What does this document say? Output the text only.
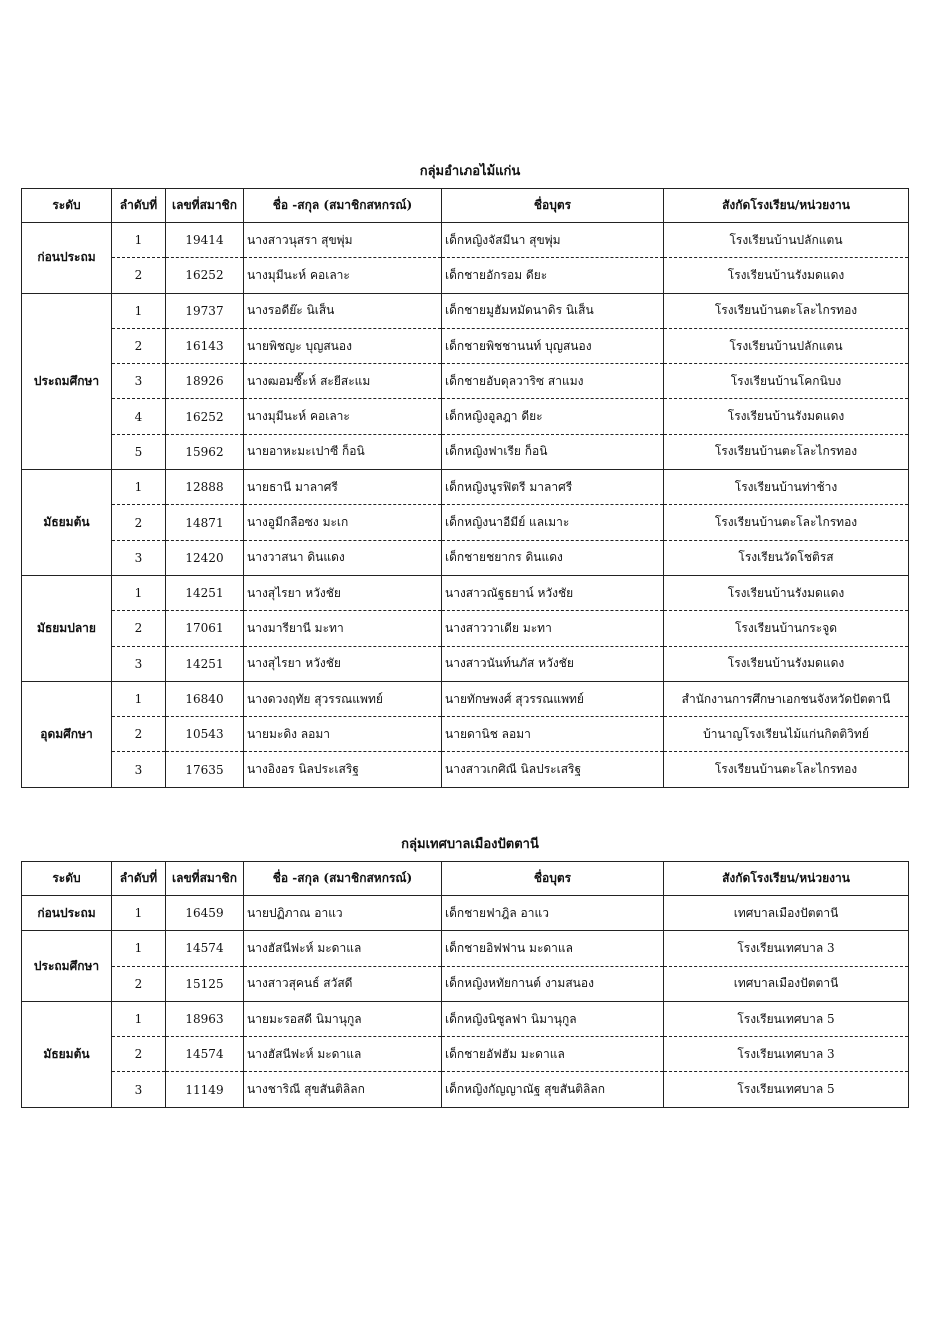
กลุ่มอำเภอไม้แก่น
ระดับ	ลำดับที่	เลขที่สมาชิก	ชื่อ -สกุล (สมาชิกสหกรณ์)	ชื่อบุตร	สังกัดโรงเรียน/หน่วยงาน
ก่อนประถม	1	19414	นางสาวนุสรา สุขพุ่ม	เด็กหญิงจัสมีนา สุขพุ่ม	โรงเรียนบ้านปลักแตน
	2	16252	นางมุมีนะห์ คอเลาะ	เด็กชายอักรอม ดียะ	โรงเรียนบ้านรังมดแดง
ประถมศึกษา	1	19737	นางรอดีย๊ะ นิเส็น	เด็กชายมูฮัมหมัดนาดิร นิเส็น	โรงเรียนบ้านตะโละไกรทอง
	2	16143	นายพิชญะ บุญสนอง	เด็กชายพิชชานนท์ บุญสนอง	โรงเรียนบ้านปลักแตน
	3	18926	นางฒอมซี๊ะห์ สะยีสะแม	เด็กชายอับดุลวาริซ สาแมง	โรงเรียนบ้านโคกนิบง
	4	16252	นางมุมีนะห์ คอเลาะ	เด็กหญิงอูลฎา ดียะ	โรงเรียนบ้านรังมดแดง
	5	15962	นายอาหะมะเปาซี ก็อนิ	เด็กหญิงฟาเรีย ก็อนิ	โรงเรียนบ้านตะโละไกรทอง
มัธยมต้น	1	12888	นายธานี มาลาศรี	เด็กหญิงนูรฟิตรี มาลาศรี	โรงเรียนบ้านท่าช้าง
	2	14871	นางอูมีกลือซง มะเก	เด็กหญิงนาอีมีย์ แลเมาะ	โรงเรียนบ้านตะโละไกรทอง
	3	12420	นางวาสนา ดินแดง	เด็กชายชยากร ดินแดง	โรงเรียนวัดโชติรส
มัธยมปลาย	1	14251	นางสุไรยา หวังชัย	นางสาวณัฐธยาน์ หวังชัย	โรงเรียนบ้านรังมดแดง
	2	17061	นางมารียานี มะทา	นางสาววาเดีย มะทา	โรงเรียนบ้านกระจูด
	3	14251	นางสุไรยา หวังชัย	นางสาวนันท์นภัส หวังชัย	โรงเรียนบ้านรังมดแดง
อุดมศึกษา	1	16840	นางดวงฤทัย สุวรรณแพทย์	นายทักษพงศ์ สุวรรณแพทย์	สำนักงานการศึกษาเอกชนจังหวัดปัตตานี
	2	10543	นายมะดิง ลอมา	นายดานิช ลอมา	บ้านาญโรงเรียนไม้แก่นกิตติวิทย์
	3	17635	นางอิงอร นิลประเสริฐ	นางสาวเกศิณี นิลประเสริฐ	โรงเรียนบ้านตะโละไกรทอง
กลุ่มเทศบาลเมืองปัตตานี
ระดับ	ลำดับที่	เลขที่สมาชิก	ชื่อ -สกุล (สมาชิกสหกรณ์)	ชื่อบุตร	สังกัดโรงเรียน/หน่วยงาน
ก่อนประถม	1	16459	นายปฏิภาณ อาแว	เด็กชายฟาฎิล อาแว	เทศบาลเมืองปัตตานี
ประถมศึกษา	1	14574	นางฮัสนีฟะห์ มะดาแล	เด็กชายอิฟฟาน มะดาแล	โรงเรียนเทศบาล 3
	2	15125	นางสาวสุคนธ์ สวัสดี	เด็กหญิงหทัยกานต์ งามสนอง	เทศบาลเมืองปัตตานี
มัธยมต้น	1	18963	นายมะรอสดี นิมานุกูล	เด็กหญิงนิซูลฟา นิมานุกูล	โรงเรียนเทศบาล 5
	2	14574	นางฮัสนีฟะห์ มะดาแล	เด็กชายอัฟฮัม มะดาแล	โรงเรียนเทศบาล 3
	3	11149	นางชาริณี สุขสันติลิลก	เด็กหญิงกัญญาณัฐ สุขสันติลิลก	โรงเรียนเทศบาล 5
